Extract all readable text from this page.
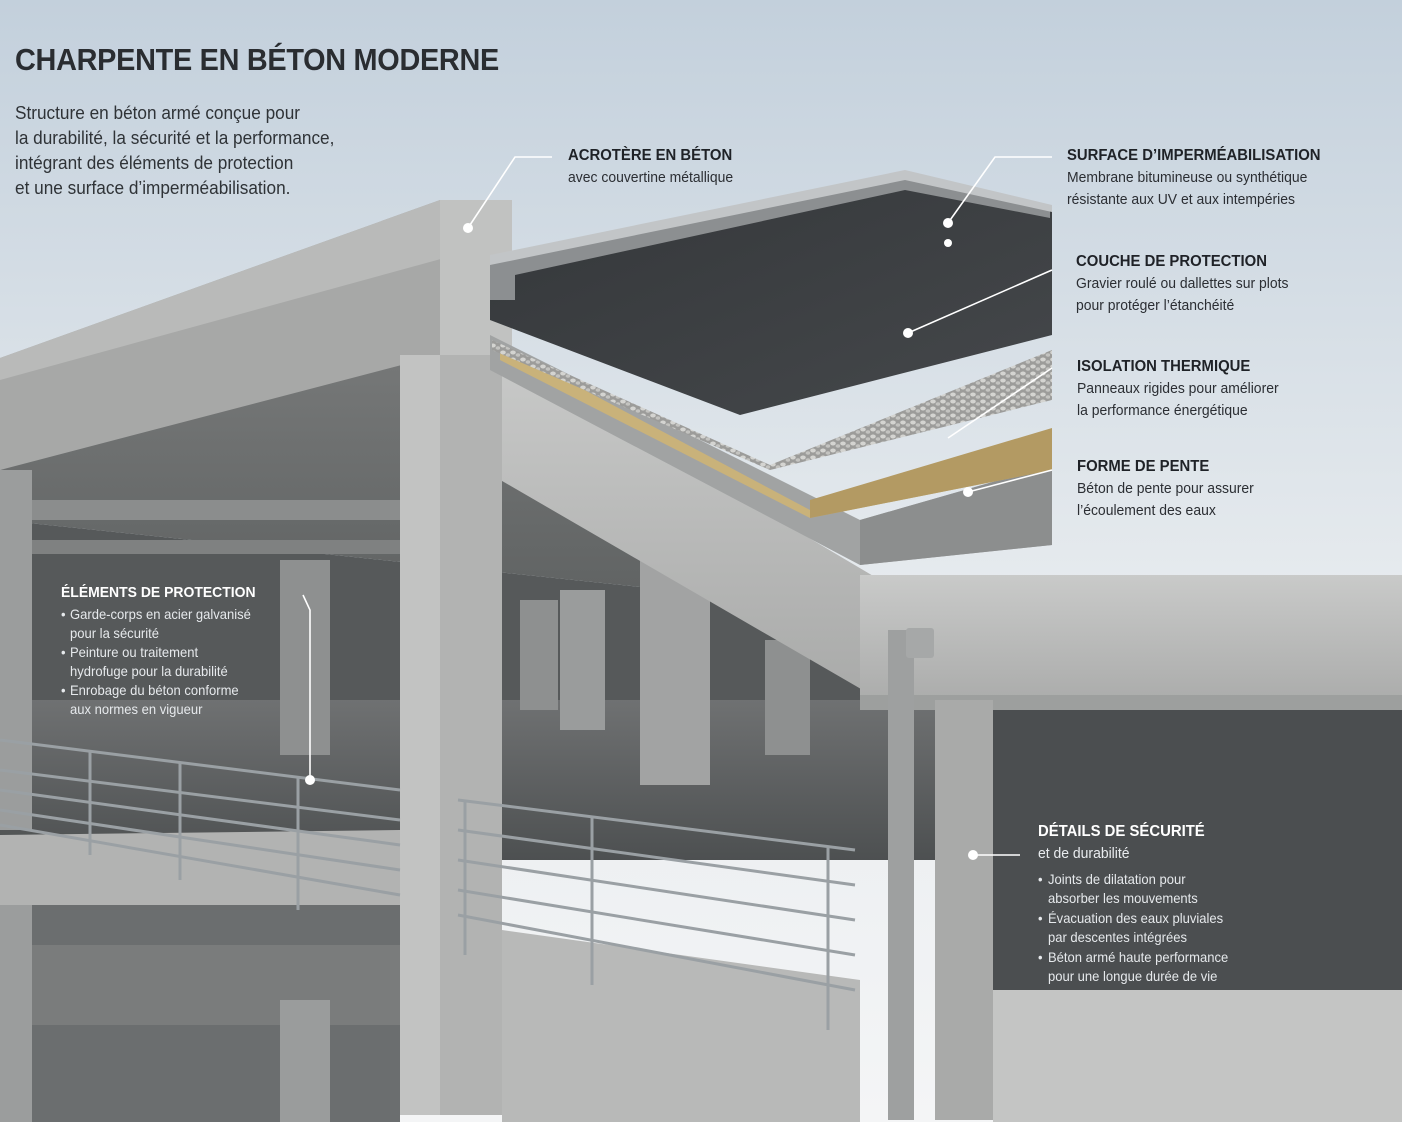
CHARPENTE EN BÉTON MODERNE

Structure en béton armé conçue pour

la durabilité, la sécurité et la performance,

intégrant des éléments de protection

et une surface d’imperméabilisation.

ACROTÈRE EN BÉTON

avec couvertine métallique

SURFACE D’IMPERMÉABILISATION

Membrane bitumineuse ou synthétique

résistante aux UV et aux intempéries

COUCHE DE PROTECTION

Gravier roulé ou dallettes sur plots

pour protéger l’étanchéité

ISOLATION THERMIQUE

Panneaux rigides pour améliorer

la performance énergétique

FORME DE PENTE

Béton de pente pour assurer

l’écoulement des eaux

ÉLÉMENTS DE PROTECTION

• Garde-corps en acier galvanisé

pour la sécurité

• Peinture ou traitement

hydrofuge pour la durabilité

• Enrobage du béton conforme

aux normes en vigueur

DÉTAILS DE SÉCURITÉ

et de durabilité

• Joints de dilatation pour

absorber les mouvements

• Évacuation des eaux pluviales

par descentes intégrées

• Béton armé haute performance

pour une longue durée de vie
